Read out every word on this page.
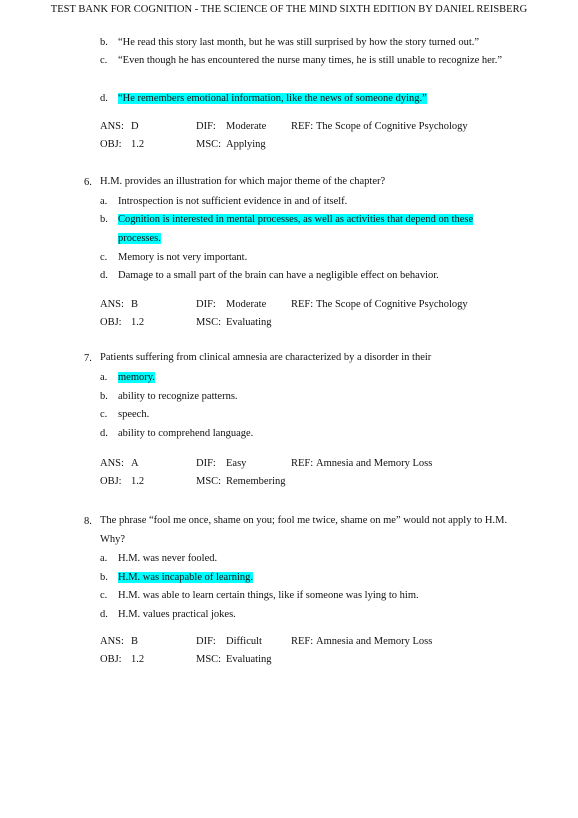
TEST BANK FOR COGNITION - THE SCIENCE OF THE MIND SIXTH EDITION BY DANIEL REISBERG
b. “He read this story last month, but he was still surprised by how the story turned out.”
c. “Even though he has encountered the nurse many times, he is still unable to recognize her.”
d. “He remembers emotional information, like the news of someone dying.”
ANS: D	DIF: Moderate REF: The Scope of Cognitive Psychology
OBJ: 1.2	MSC: Applying
6. H.M. provides an illustration for which major theme of the chapter?
a. Introspection is not sufficient evidence in and of itself.
b. Cognition is interested in mental processes, as well as activities that depend on these processes.
c. Memory is not very important.
d. Damage to a small part of the brain can have a negligible effect on behavior.
ANS: B	DIF: Moderate REF: The Scope of Cognitive Psychology
OBJ: 1.2	MSC: Evaluating
7. Patients suffering from clinical amnesia are characterized by a disorder in their
a. memory.
b. ability to recognize patterns.
c. speech.
d. ability to comprehend language.
ANS: A	DIF: Easy	REF: Amnesia and Memory Loss
OBJ: 1.2	MSC: Remembering
8. The phrase “fool me once, shame on you; fool me twice, shame on me” would not apply to H.M. Why?
a. H.M. was never fooled.
b. H.M. was incapable of learning.
c. H.M. was able to learn certain things, like if someone was lying to him.
d. H.M. values practical jokes.
ANS: B	DIF: Difficult	REF: Amnesia and Memory Loss
OBJ: 1.2	MSC: Evaluating
